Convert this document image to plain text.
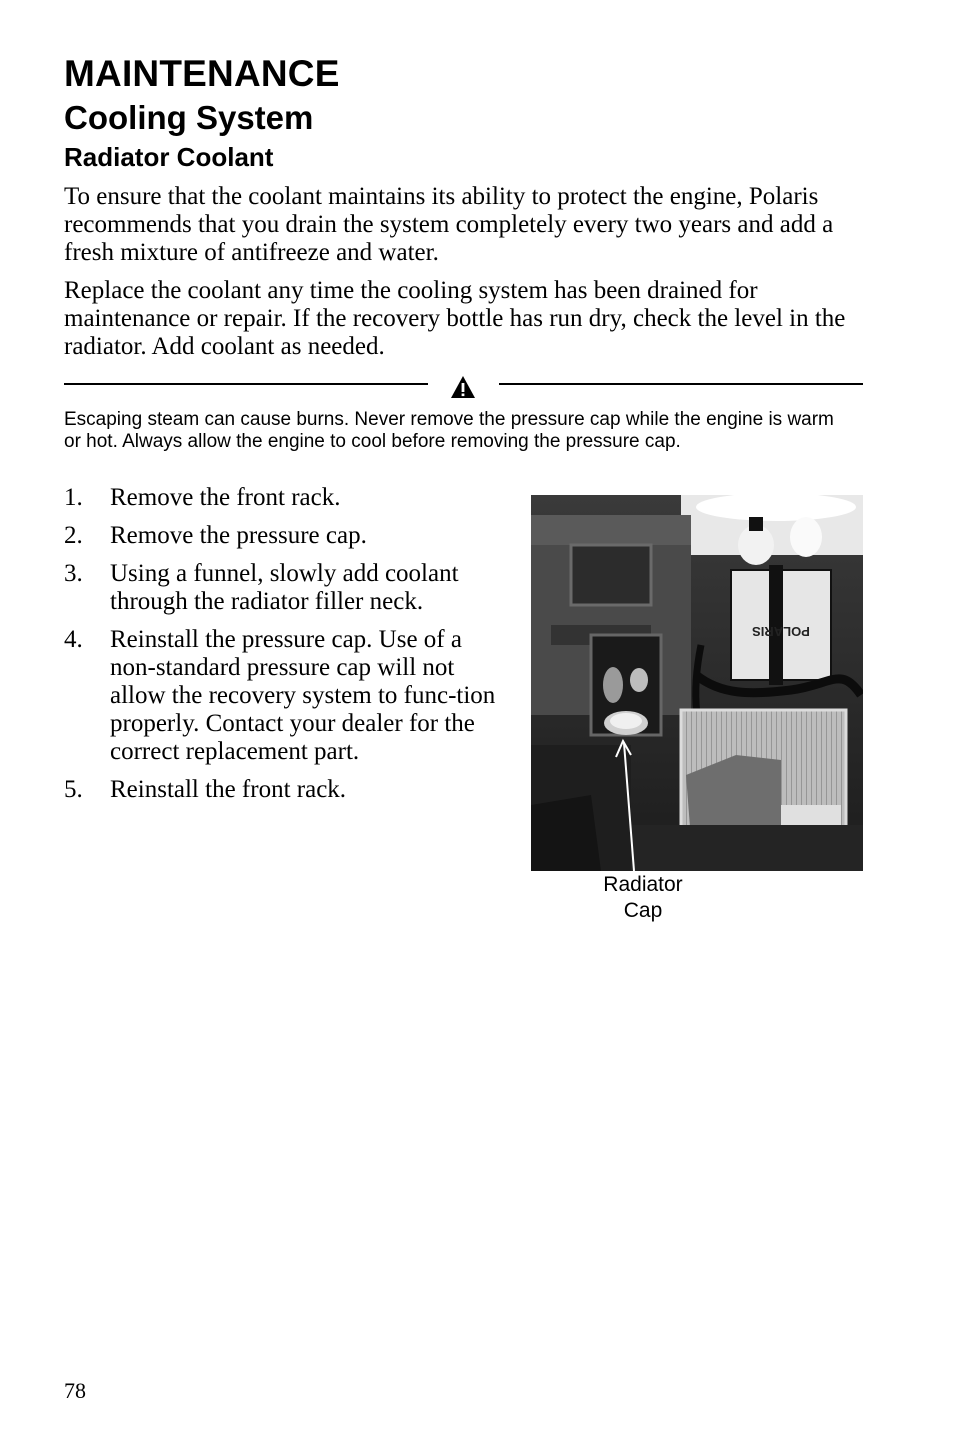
MAINTENANCE
Cooling System
Radiator Coolant

To ensure that the coolant maintains its ability to protect the engine, Polaris recommends that you drain the system completely every two years and add a fresh mixture of antifreeze and water.

Replace the coolant any time the cooling system has been drained for maintenance or repair. If the recovery bottle has run dry, check the level in the radiator. Add coolant as needed.

Escaping steam can cause burns. Never remove the pressure cap while the engine is warm or hot. Always allow the engine to cool before removing the pressure cap.

1. Remove the front rack.
2. Remove the pressure cap.
3. Using a funnel, slowly add coolant through the radiator filler neck.
4. Reinstall the pressure cap. Use of a non-standard pressure cap will not allow the recovery system to func-tion properly. Contact your dealer for the correct replacement part.
5. Reinstall the front rack.
POLARIS
Radiator
Cap
78
